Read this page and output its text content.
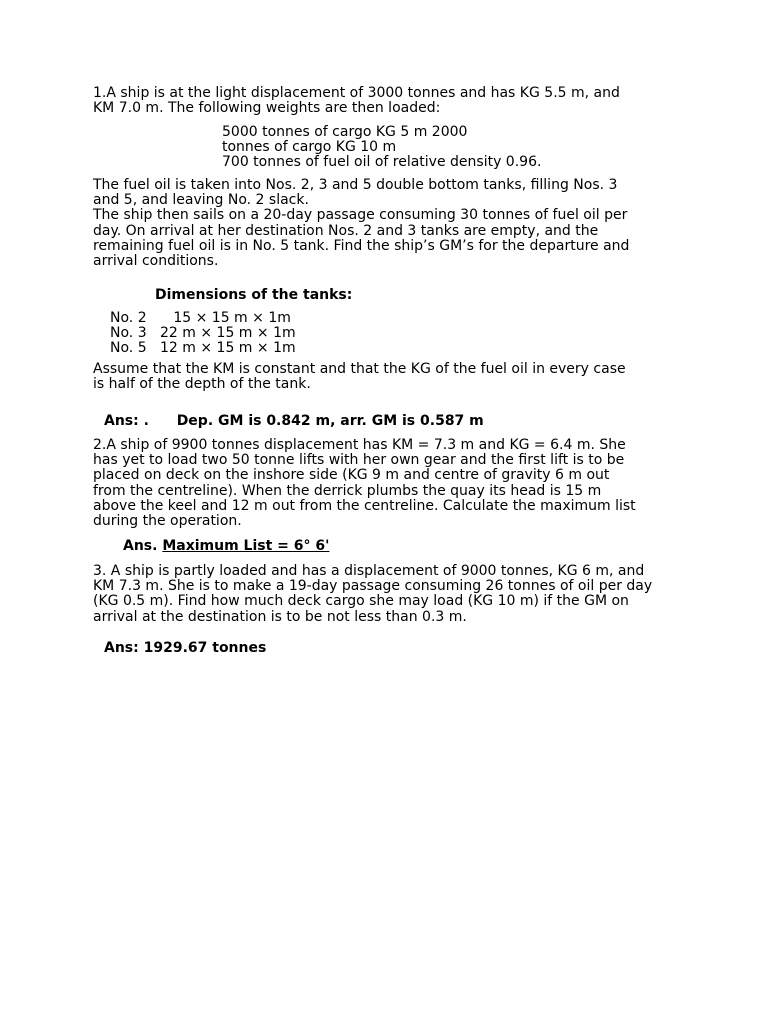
1.A ship is at the light displacement of 3000 tonnes and has KG 5.5 m, and
KM 7.0 m. The following weights are then loaded:
5000 tonnes of cargo KG 5 m 2000
tonnes of cargo KG 10 m
700 tonnes of fuel oil of relative density 0.96.
The fuel oil is taken into Nos. 2, 3 and 5 double bottom tanks, filling Nos. 3
and 5, and leaving No. 2 slack.
The ship then sails on a 20-day passage consuming 30 tonnes of fuel oil per
day. On arrival at her destination Nos. 2 and 3 tanks are empty, and the
remaining fuel oil is in No. 5 tank. Find the ship’s GM’s for the departure and
arrival conditions.
Dimensions of the tanks:
No. 2   15 × 15 m × 1m
No. 3 22 m × 15 m × 1m
No. 5 12 m × 15 m × 1m
Assume that the KM is constant and that the KG of the fuel oil in every case
is half of the depth of the tank.
Ans: . Dep. GM is 0.842 m, arr. GM is 0.587 m
2.A ship of 9900 tonnes displacement has KM = 7.3 m and KG = 6.4 m. She
has yet to load two 50 tonne lifts with her own gear and the first lift is to be
placed on deck on the inshore side (KG 9 m and centre of gravity 6 m out
from the centreline). When the derrick plumbs the quay its head is 15 m
above the keel and 12 m out from the centreline. Calculate the maximum list
during the operation.
Ans. Maximum List = 6° 6'
3. A ship is partly loaded and has a displacement of 9000 tonnes, KG 6 m, and
KM 7.3 m. She is to make a 19-day passage consuming 26 tonnes of oil per day
(KG 0.5 m). Find how much deck cargo she may load (KG 10 m) if the GM on
arrival at the destination is to be not less than 0.3 m.
Ans: 1929.67 tonnes
